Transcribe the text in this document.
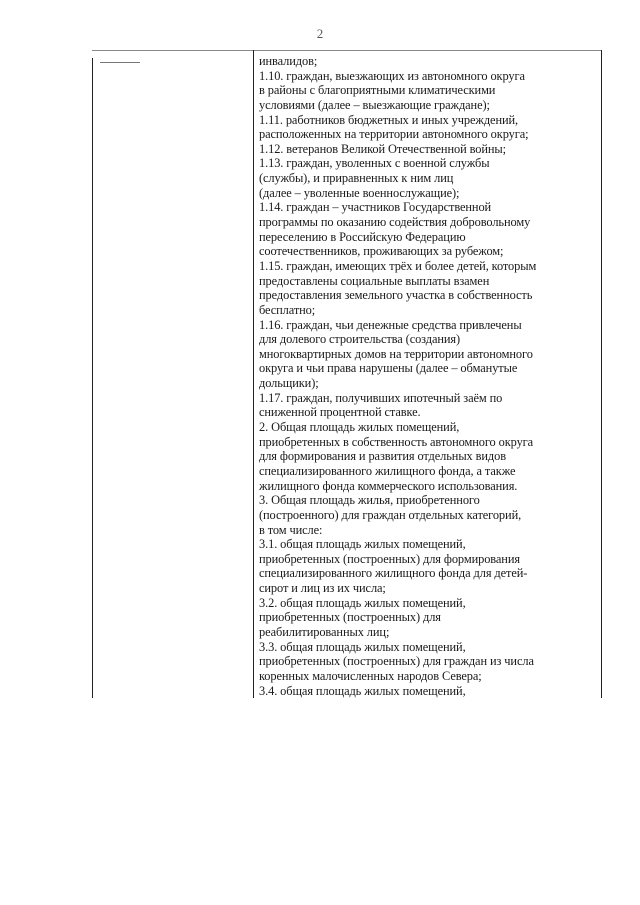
2
инвалидов;
1.10. граждан, выезжающих из автономного округа
в районы с благоприятными климатическими
условиями (далее – выезжающие граждане);
1.11. работников бюджетных и иных учреждений,
расположенных на территории автономного округа;
1.12. ветеранов Великой Отечественной войны;
1.13. граждан, уволенных с военной службы
(службы), и приравненных к ним лиц
(далее – уволенные военнослужащие);
1.14. граждан – участников Государственной
программы по оказанию содействия добровольному
переселению в Российскую Федерацию
соотечественников, проживающих за рубежом;
1.15. граждан, имеющих трёх и более детей, которым
предоставлены социальные выплаты взамен
предоставления земельного участка в собственность
бесплатно;
1.16. граждан, чьи денежные средства привлечены
для долевого строительства (создания)
многоквартирных домов на территории автономного
округа и чьи права нарушены (далее – обманутые
дольщики);
1.17. граждан, получивших ипотечный заём по
сниженной процентной ставке.
2. Общая площадь жилых помещений,
приобретенных в собственность автономного округа
для формирования и развития отдельных видов
специализированного жилищного фонда, а также
жилищного фонда коммерческого использования.
3. Общая площадь жилья, приобретенного
(построенного) для граждан отдельных категорий,
в том числе:
3.1. общая площадь жилых помещений,
приобретенных (построенных) для формирования
специализированного жилищного фонда для детей-
сирот и лиц из их числа;
3.2. общая площадь жилых помещений,
приобретенных (построенных) для
реабилитированных лиц;
3.3. общая площадь жилых помещений,
приобретенных (построенных) для граждан из числа
коренных малочисленных народов Севера;
3.4. общая площадь жилых помещений,
